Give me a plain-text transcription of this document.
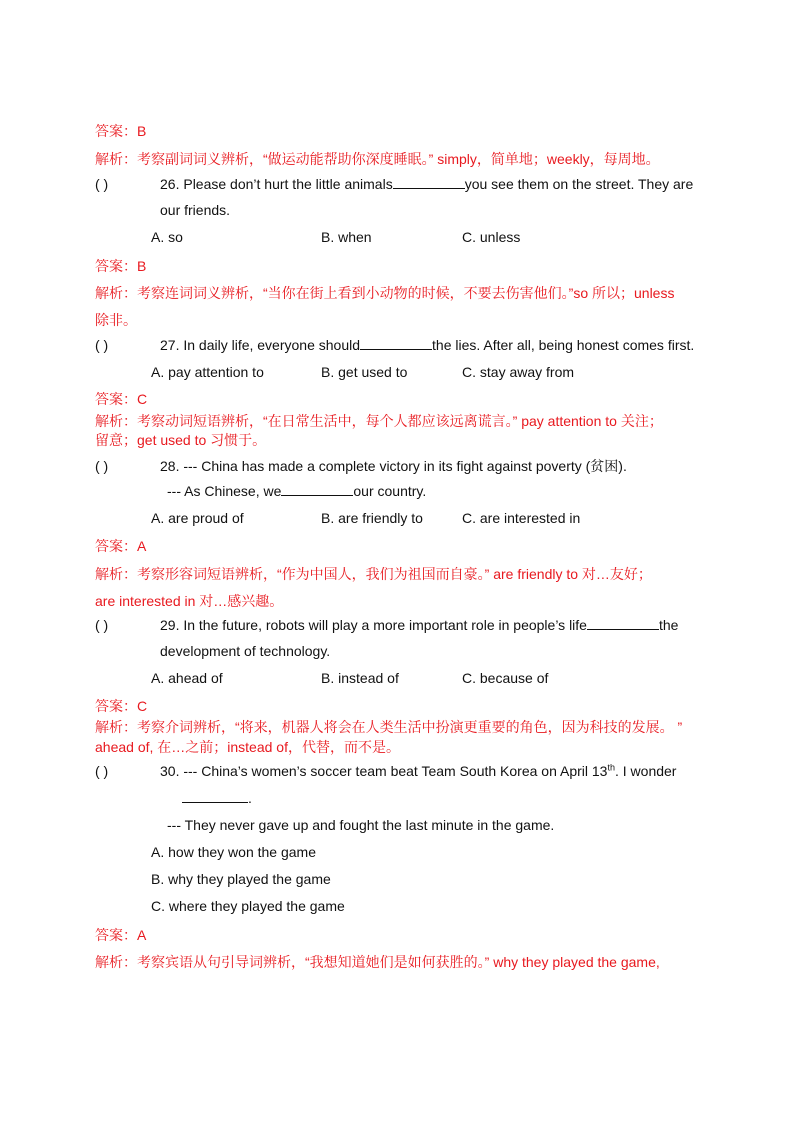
答案：B
解析：考察副词词义辨析，“做运动能帮助你深度睡眠。” simply，简单地；weekly，每周地。
( )	26. Please don’t hurt the little animals	you see them on the street. They are
our friends.
A. so	B. when	C. unless
答案：B
解析：考察连词词义辨析，“当你在街上看到小动物的时候，不要去伤害他们。”so 所以；unless
除非。
( )	27. In daily life, everyone should	the lies. After all, being honest comes first.
A. pay attention to	B. get used to	C. stay away from
答案：C
解析：考察动词短语辨析，“在日常生活中，每个人都应该远离谎言。” pay attention to 关注；
留意；get used to 习惯于。
( )	28. --- China has made a complete victory in its fight against poverty (贫困).
--- As Chinese, we	our country.
A. are proud of	B. are friendly to	C. are interested in
答案：A
解析：考察形容词短语辨析，“作为中国人，我们为祖国而自豪。” are friendly to 对…友好；
are interested in 对…感兴趣。
( )	29. In the future, robots will play a more important role in people’s life	the
development of technology.
A. ahead of	B. instead of	C. because of
答案：C
解析：考察介词辨析，“将来，机器人将会在人类生活中扮演更重要的角色，因为科技的发展。 ”
ahead of, 在…之前；instead of，代替，而不是。
( )	30. --- China’s women’s soccer team beat Team South Korea on April 13th. I wonder
.
--- They never gave up and fought the last minute in the game.
A. how they won the game
B. why they played the game
C. where they played the game
答案：A
解析：考察宾语从句引导词辨析，“我想知道她们是如何获胜的。” why they played the game,
